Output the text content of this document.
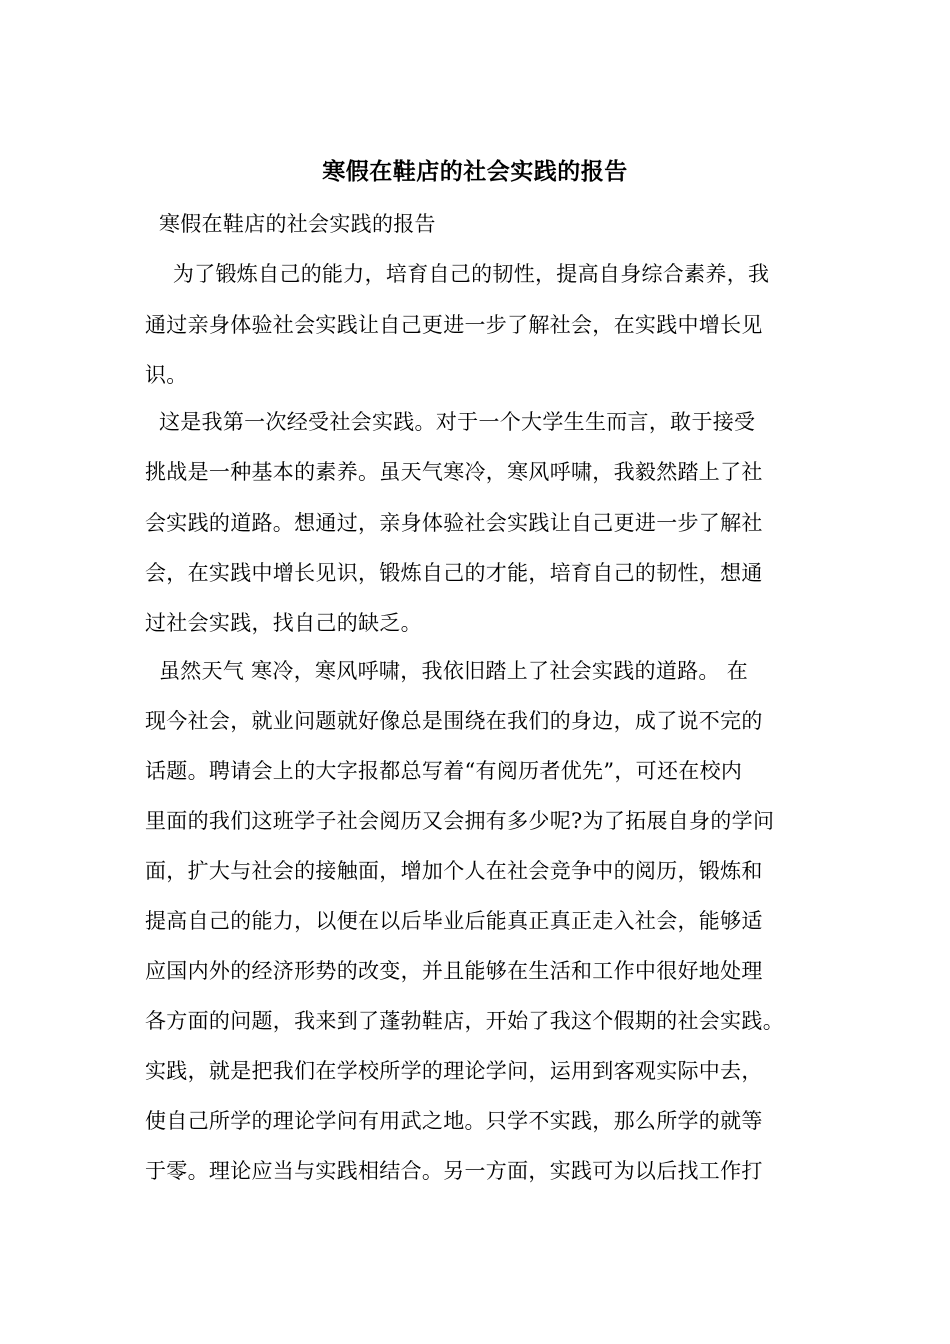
寒假在鞋店的社会实践的报告
寒假在鞋店的社会实践的报告
为了锻炼自己的能力，培育自己的韧性，提高自身综合素养，我
通过亲身体验社会实践让自己更进一步了解社会，在实践中增长见
识。
这是我第一次经受社会实践。对于一个大学生生而言，敢于接受
挑战是一种基本的素养。虽天气寒冷，寒风呼啸，我毅然踏上了社
会实践的道路。想通过，亲身体验社会实践让自己更进一步了解社
会，在实践中增长见识，锻炼自己的才能，培育自己的韧性，想通
过社会实践，找自己的缺乏。
虽然天气 寒冷，寒风呼啸，我依旧踏上了社会实践的道路。 在
现今社会，就业问题就好像总是围绕在我们的身边，成了说不完的
话题。聘请会上的大字报都总写着“有阅历者优先”，可还在校内
里面的我们这班学子社会阅历又会拥有多少呢?为了拓展自身的学问
面，扩大与社会的接触面，增加个人在社会竞争中的阅历，锻炼和
提高自己的能力，以便在以后毕业后能真正真正走入社会，能够适
应国内外的经济形势的改变，并且能够在生活和工作中很好地处理
各方面的问题，我来到了蓬勃鞋店，开始了我这个假期的社会实践。
实践，就是把我们在学校所学的理论学问，运用到客观实际中去，
使自己所学的理论学问有用武之地。只学不实践，那么所学的就等
于零。理论应当与实践相结合。另一方面，实践可为以后找工作打
